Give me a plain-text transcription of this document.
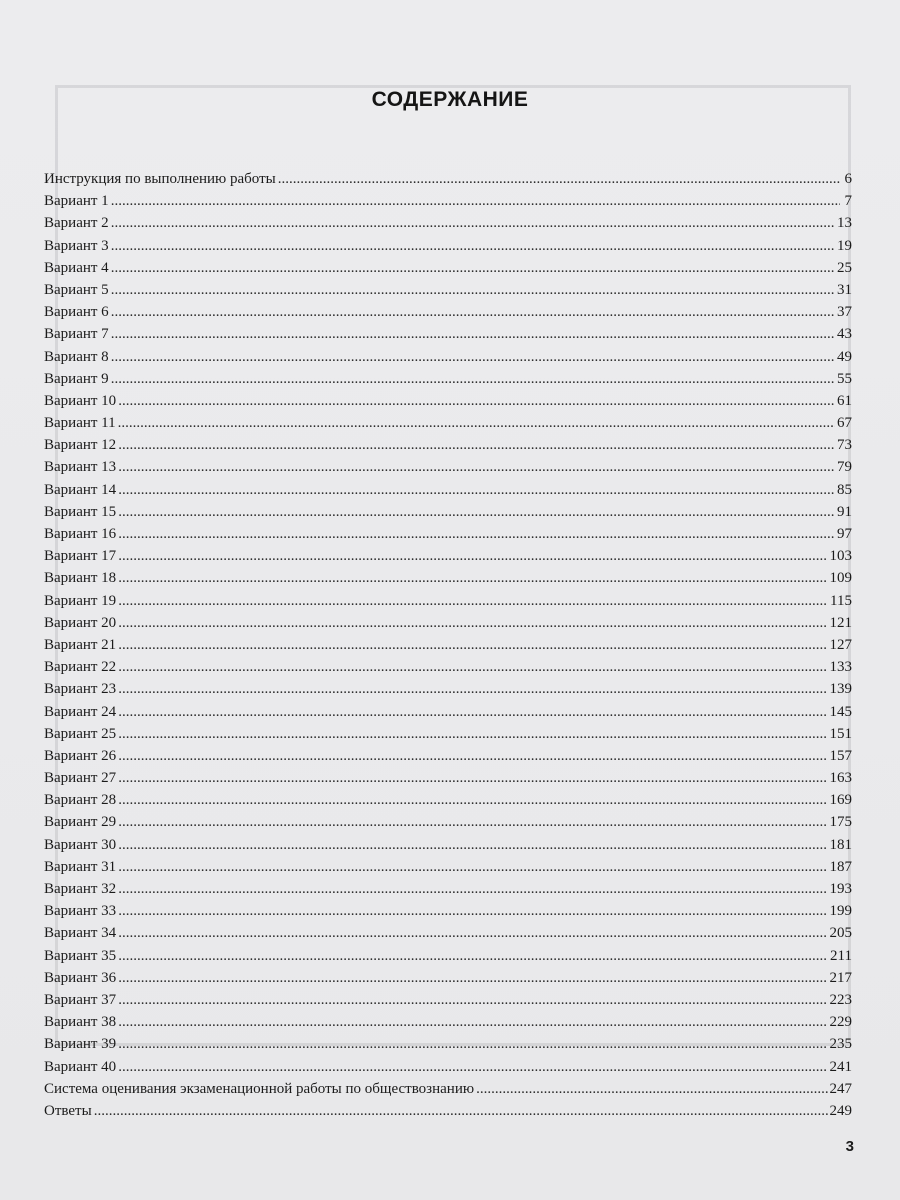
СОДЕРЖАНИЕ
Инструкция по выполнению работы .....	6
Вариант 1 .....	7
Вариант 2 .....	13
Вариант 3 .....	19
Вариант 4 .....	25
Вариант 5 .....	31
Вариант 6 .....	37
Вариант 7 .....	43
Вариант 8 .....	49
Вариант 9 .....	55
Вариант 10 .....	61
Вариант 11 .....	67
Вариант 12 .....	73
Вариант 13 .....	79
Вариант 14 .....	85
Вариант 15 .....	91
Вариант 16 .....	97
Вариант 17 .....	103
Вариант 18 .....	109
Вариант 19 .....	115
Вариант 20 .....	121
Вариант 21 .....	127
Вариант 22 .....	133
Вариант 23 .....	139
Вариант 24 .....	145
Вариант 25 .....	151
Вариант 26 .....	157
Вариант 27 .....	163
Вариант 28 .....	169
Вариант 29 .....	175
Вариант 30 .....	181
Вариант 31 .....	187
Вариант 32 .....	193
Вариант 33 .....	199
Вариант 34 .....	205
Вариант 35 .....	211
Вариант 36 .....	217
Вариант 37 .....	223
Вариант 38 .....	229
Вариант 39 .....	235
Вариант 40 .....	241
Система оценивания экзаменационной работы по обществознанию .....	247
Ответы .....	249
3
